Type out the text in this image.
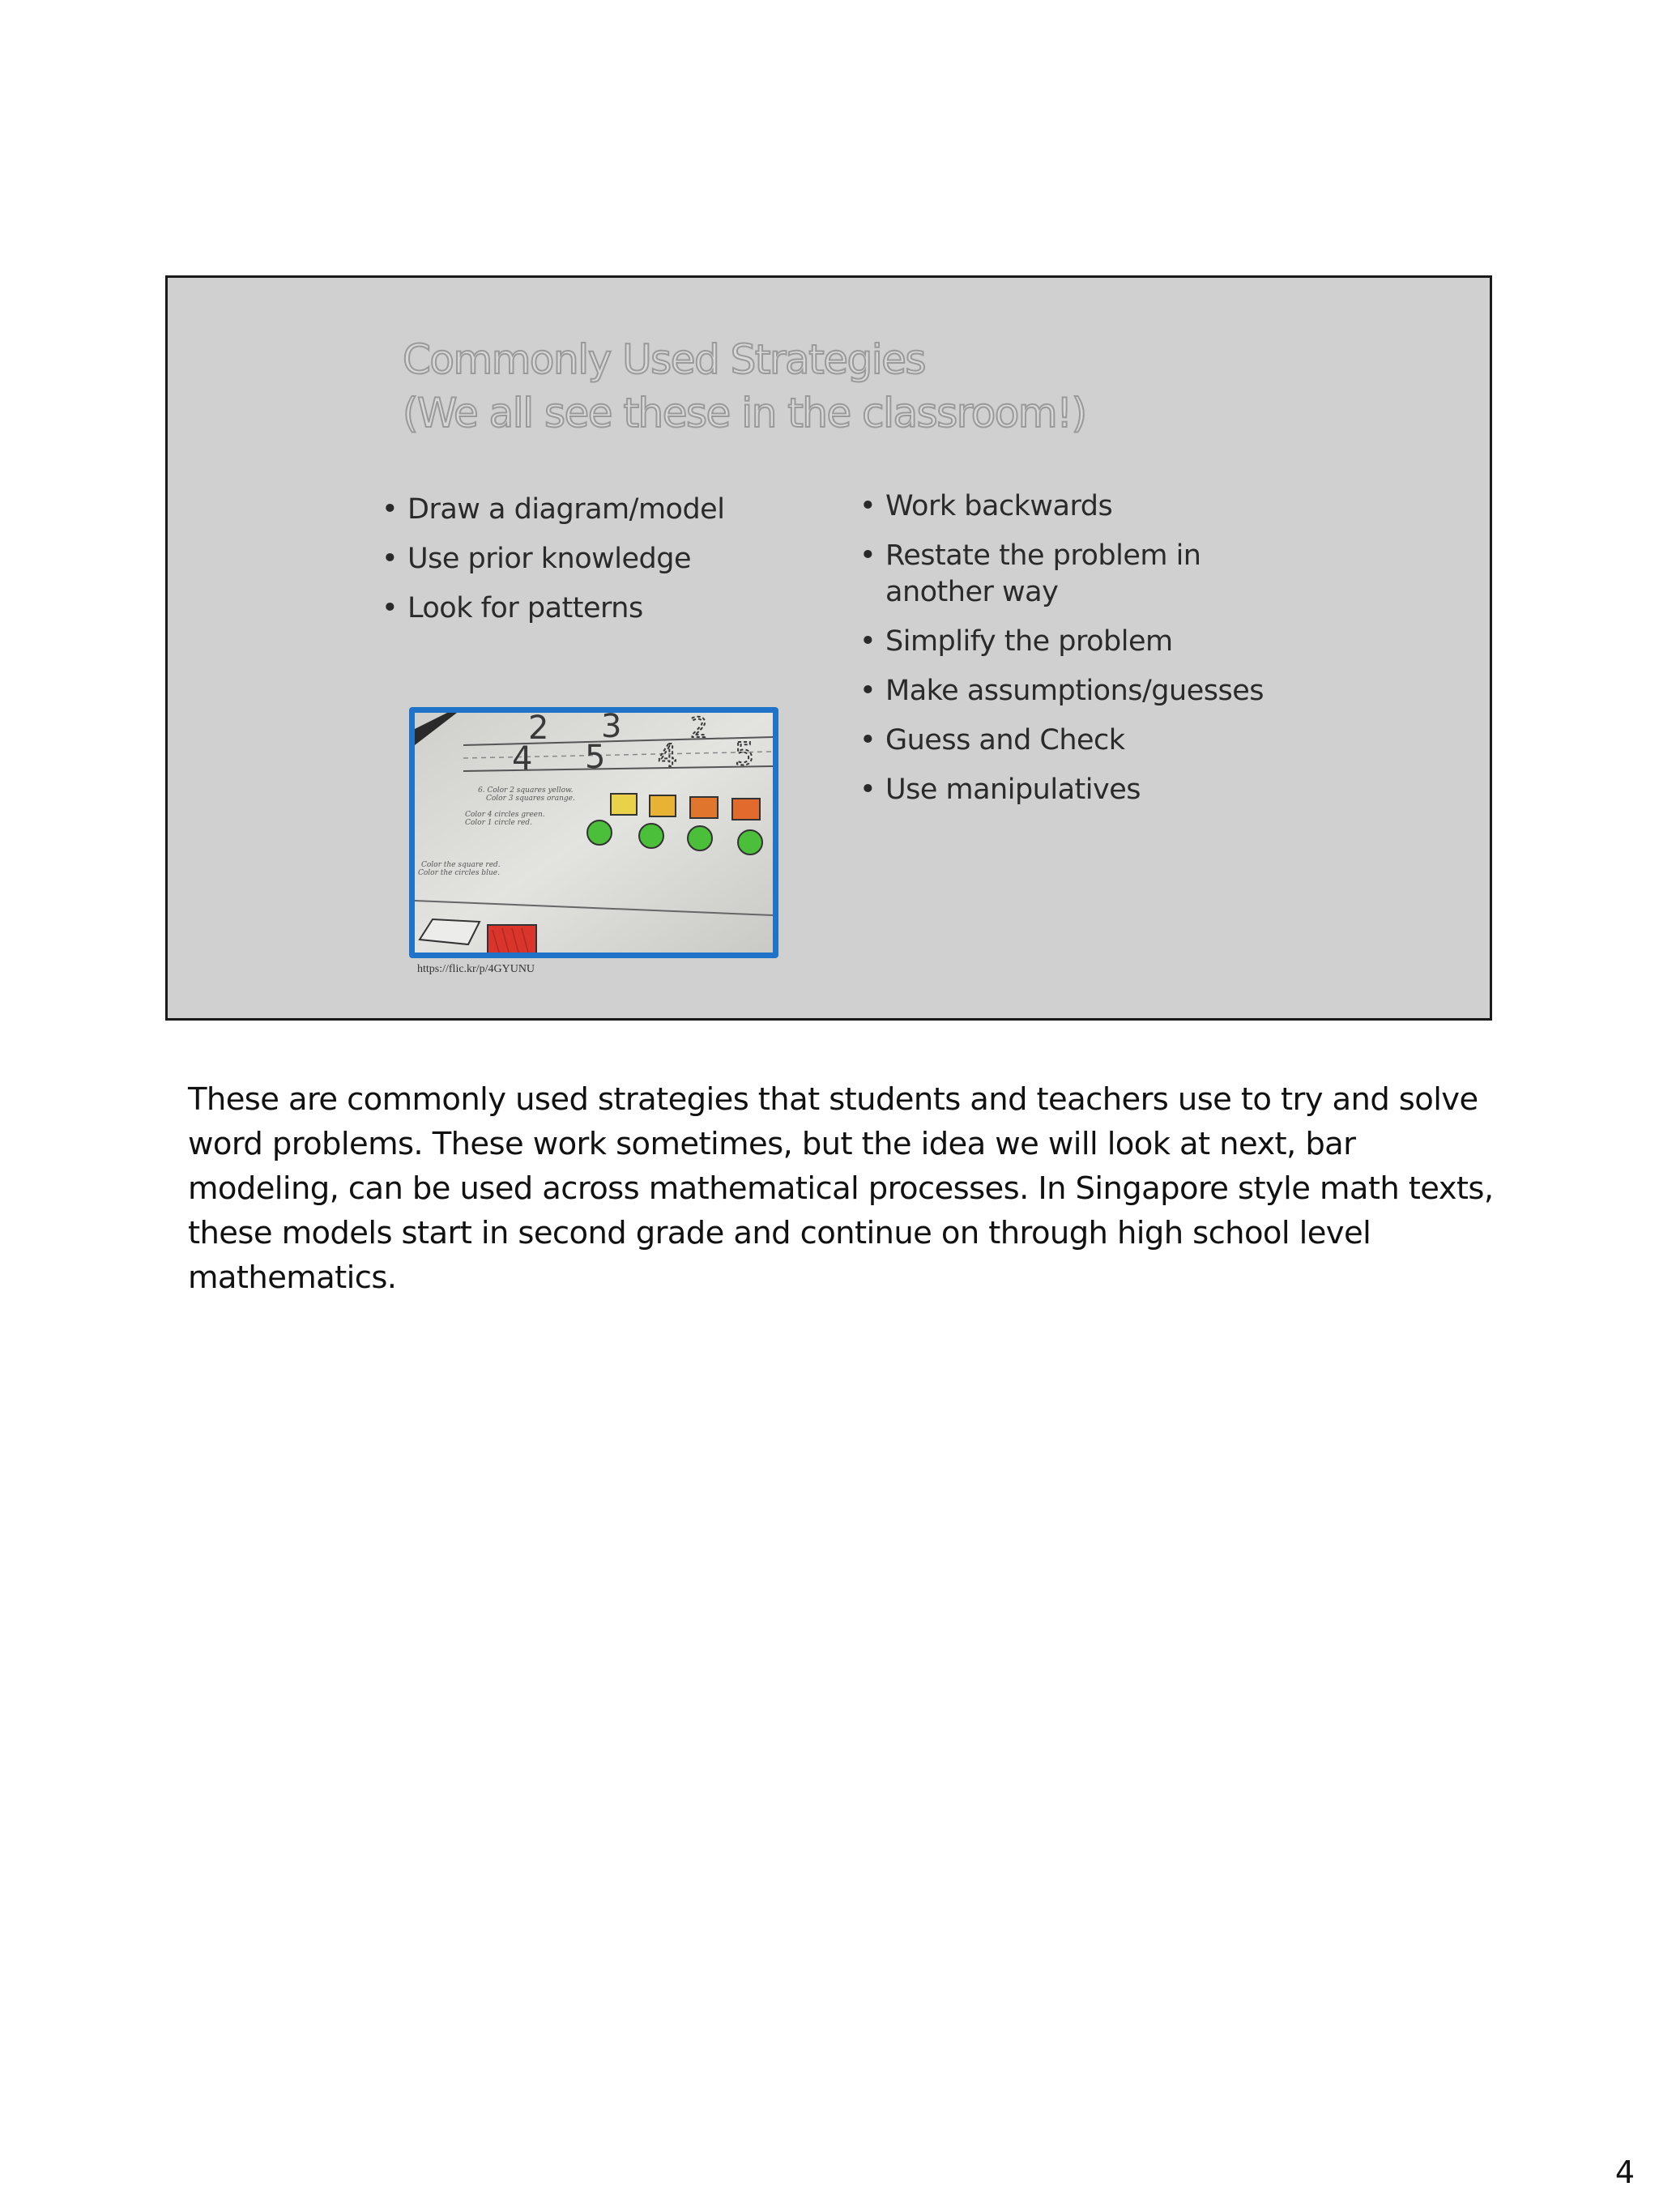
Commonly Used Strategies
(We all see these in the classroom!)
• Draw a diagram/model
• Use prior knowledge
• Look for patterns
• Work backwards
• Restate the problem in
another way
• Simplify the problem
• Make assumptions/guesses
• Guess and Check
• Use manipulatives
2 3
4 5 4 5
2
6. Color 2 squares yellow.
Color 3 squares orange.
Color 4 circles green.
Color 1 circle red.
Color the square red.
Color the circles blue.
https://flic.kr/p/4GYUNU
These are commonly used strategies that students and teachers use to try and solve
word problems. These work sometimes, but the idea we will look at next, bar
modeling, can be used across mathematical processes. In Singapore style math texts,
these models start in second grade and continue on through high school level
mathematics.
4
